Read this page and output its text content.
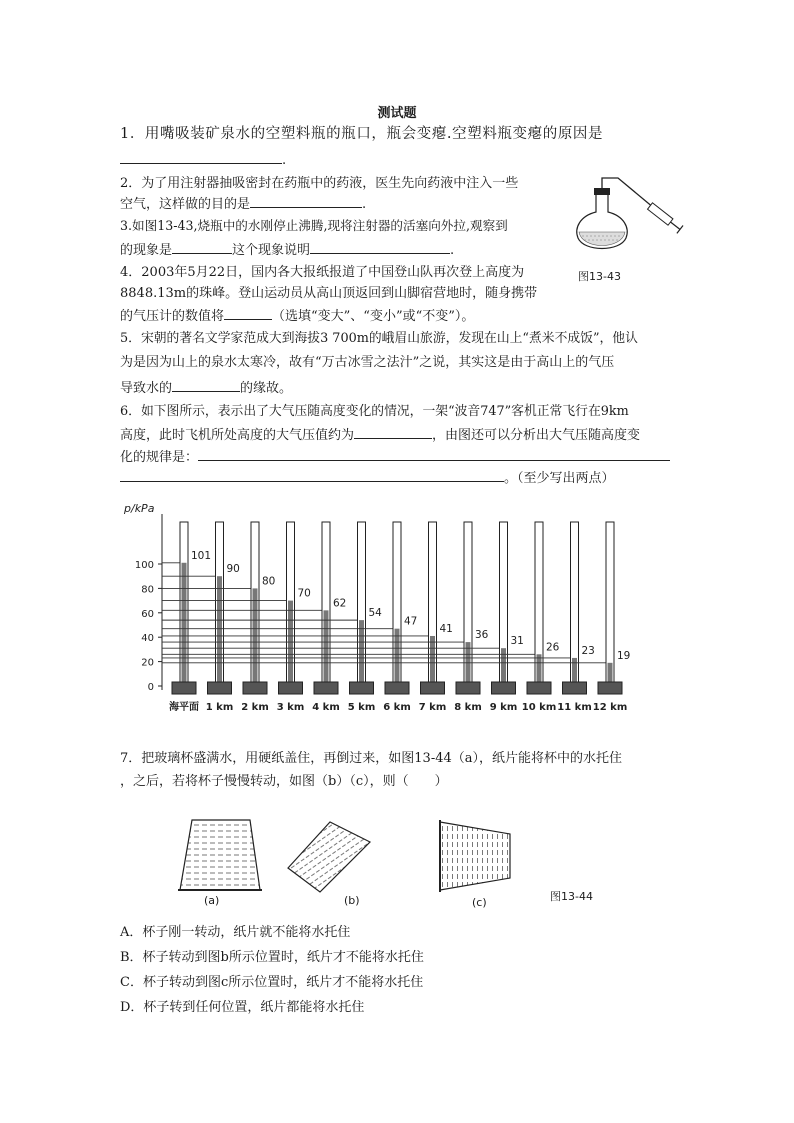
测试题
1．用嘴吸装矿泉水的空塑料瓶的瓶口，瓶会变瘪.空塑料瓶变瘪的原因是
.
2．为了用注射器抽吸密封在药瓶中的药液，医生先向药液中注入一些
空气，这样做的目的是	.
3.如图13-43,烧瓶中的水刚停止沸腾,现将注射器的活塞向外拉,观察到
的现象是	这个现象说明	.
4．2003年5月22日，国内各大报纸报道了中国登山队再次登上高度为
8848.13m的珠峰。登山运动员从高山顶返回到山脚宿营地时，随身携带
的气压计的数值将	（选填“变大”、“变小”或“不变”）。
图13-43
5．宋朝的著名文学家范成大到海拔3 700m的峨眉山旅游，发现在山上“煮米不成饭”，他认
为是因为山上的泉水太寒冷，故有“万古冰雪之法汁”之说，其实这是由于高山上的气压
导致水的	的缘故。
6．如下图所示，表示出了大气压随高度变化的情况，一架“波音747”客机正常飞行在9km
高度，此时飞机所处高度的大气压值约为	，由图还可以分析出大气压随高度变
化的规律是：
。（至少写出两点）
p/kPa
0
20
40
60
80
100
101
海平面
90
1 km
80
2 km
70
3 km
62
4 km
54
5 km
47
6 km
41
7 km
36
8 km
31
9 km
26
10 km
23
11 km
19
12 km
7．把玻璃杯盛满水，用硬纸盖住，再倒过来，如图13-44（a），纸片能将杯中的水托住
，之后，若将杯子慢慢转动，如图（b）（c），则（　　）
(a)	(b)	(c)	图13-44
A．杯子刚一转动，纸片就不能将水托住
B．杯子转动到图b所示位置时，纸片才不能将水托住
C．杯子转动到图c所示位置时，纸片才不能将水托住
D．杯子转到任何位置，纸片都能将水托住
